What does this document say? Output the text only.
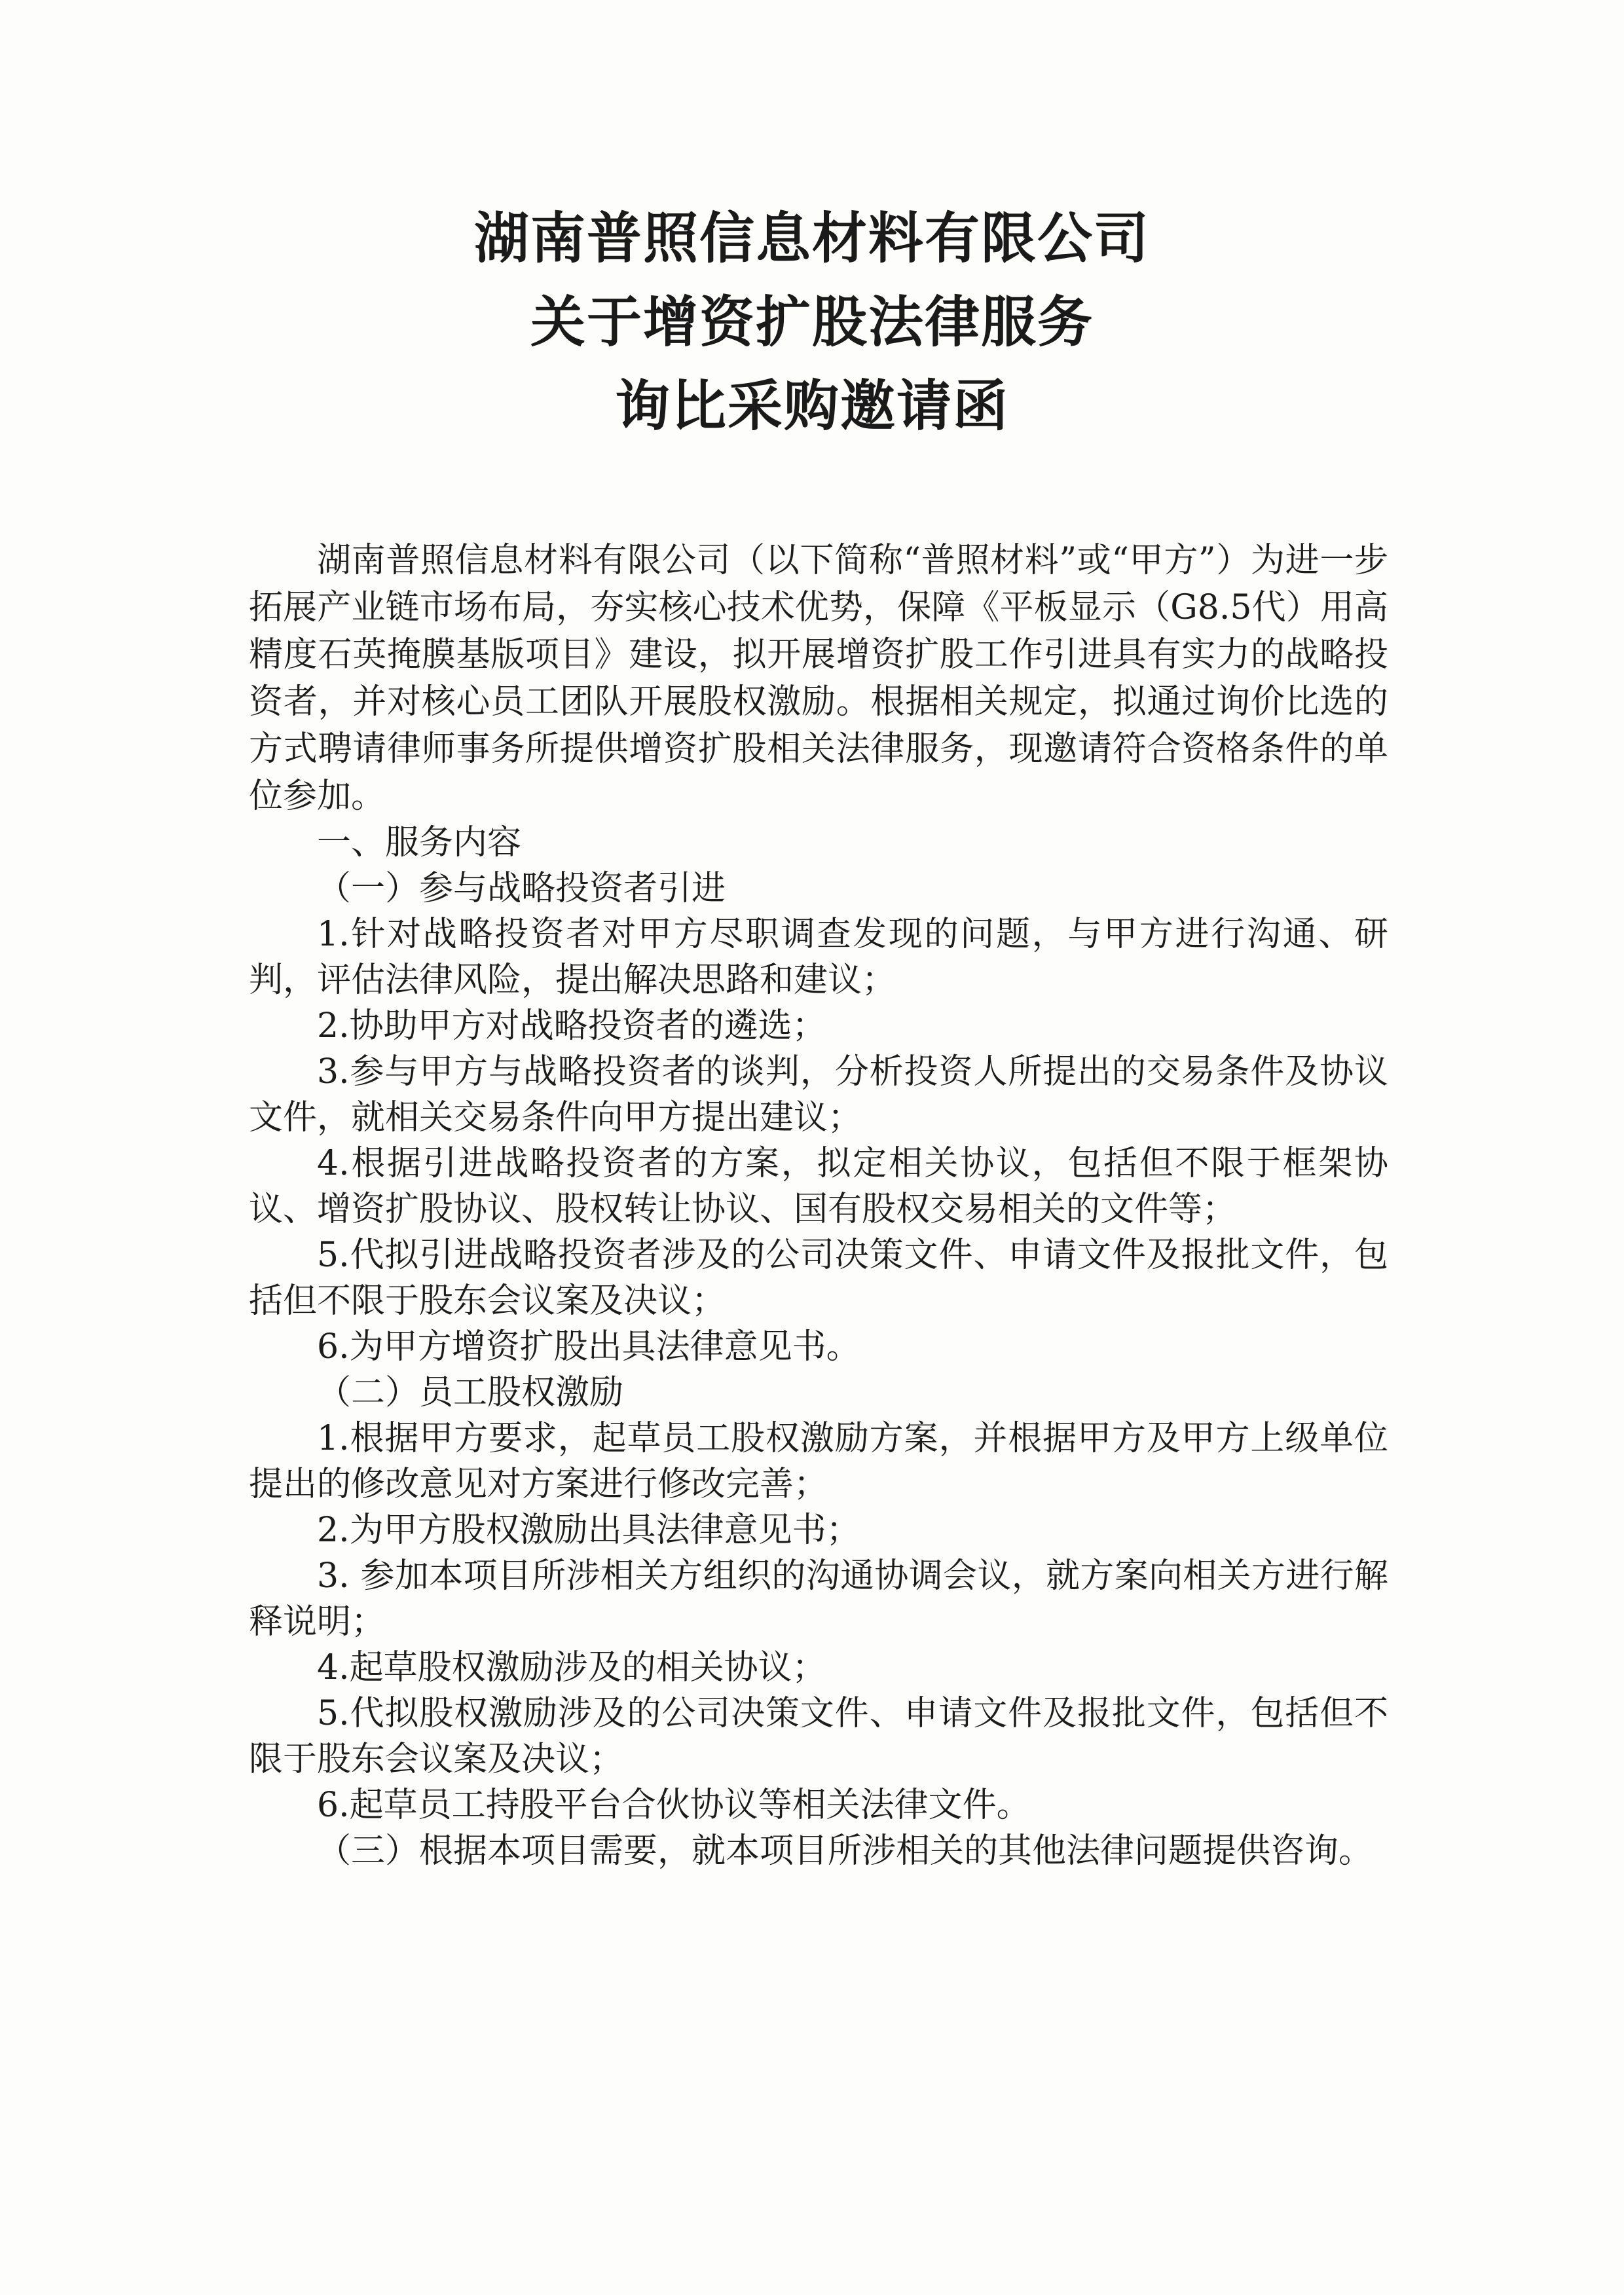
湖南普照信息材料有限公司
关于增资扩股法律服务
询比采购邀请函

湖南普照信息材料有限公司（以下简称“普照材料”或“甲方”）为进一步拓展产业链市场布局，夯实核心技术优势，保障《平板显示（G8.5代）用高精度石英掩膜基版项目》建设，拟开展增资扩股工作引进具有实力的战略投资者，并对核心员工团队开展股权激励。根据相关规定，拟通过询价比选的方式聘请律师事务所提供增资扩股相关法律服务，现邀请符合资格条件的单位参加。

一、服务内容

（一）参与战略投资者引进

1.针对战略投资者对甲方尽职调查发现的问题，与甲方进行沟通、研判，评估法律风险，提出解决思路和建议；

2.协助甲方对战略投资者的遴选；

3.参与甲方与战略投资者的谈判，分析投资人所提出的交易条件及协议文件，就相关交易条件向甲方提出建议；

4.根据引进战略投资者的方案，拟定相关协议，包括但不限于框架协议、增资扩股协议、股权转让协议、国有股权交易相关的文件等；

5.代拟引进战略投资者涉及的公司决策文件、申请文件及报批文件，包括但不限于股东会议案及决议；

6.为甲方增资扩股出具法律意见书。

（二）员工股权激励

1.根据甲方要求，起草员工股权激励方案，并根据甲方及甲方上级单位提出的修改意见对方案进行修改完善；

2.为甲方股权激励出具法律意见书；

3. 参加本项目所涉相关方组织的沟通协调会议，就方案向相关方进行解释说明；

4.起草股权激励涉及的相关协议；

5.代拟股权激励涉及的公司决策文件、申请文件及报批文件，包括但不限于股东会议案及决议；

6.起草员工持股平台合伙协议等相关法律文件。

（三）根据本项目需要，就本项目所涉相关的其他法律问题提供咨询。
